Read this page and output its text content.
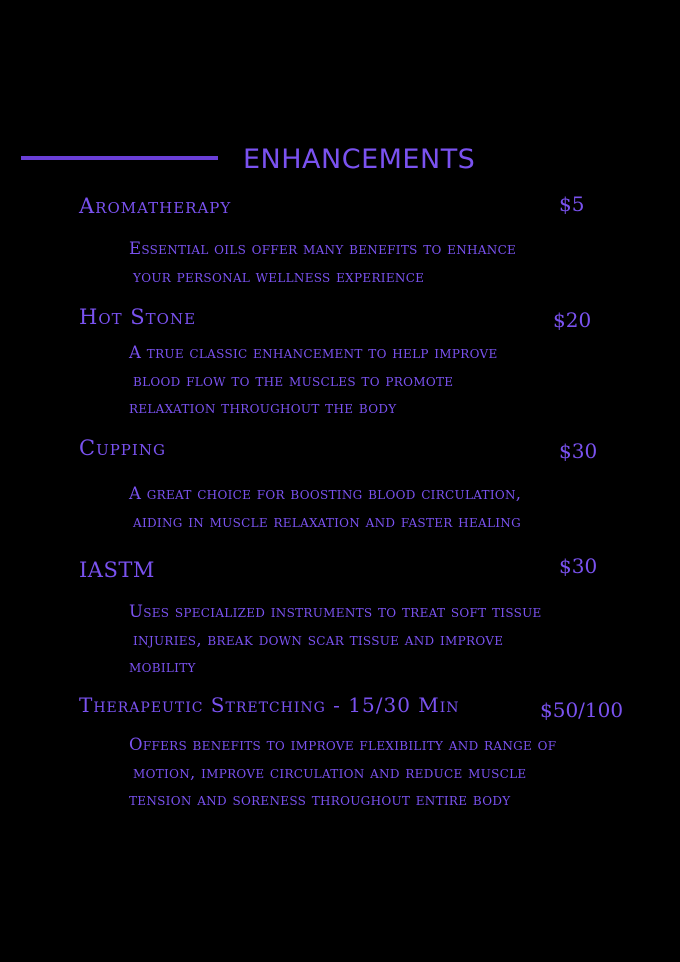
ENHANCEMENTS
Aromatherapy	$5
Essential oils offer many benefits to enhance
your personal wellness experience
Hot Stone	$20
A true classic enhancement to help improve
blood flow to the muscles to promote
relaxation throughout the body
Cupping	$30
A great choice for boosting blood circulation,
aiding in muscle relaxation and faster healing
IASTM	$30
Uses specialized instruments to treat soft tissue
injuries, break down scar tissue and improve
mobility
Therapeutic Stretching - 15/30 Min	$50/100
Offers benefits to improve flexibility and range of
motion, improve circulation and reduce muscle
tension and soreness throughout entire body
